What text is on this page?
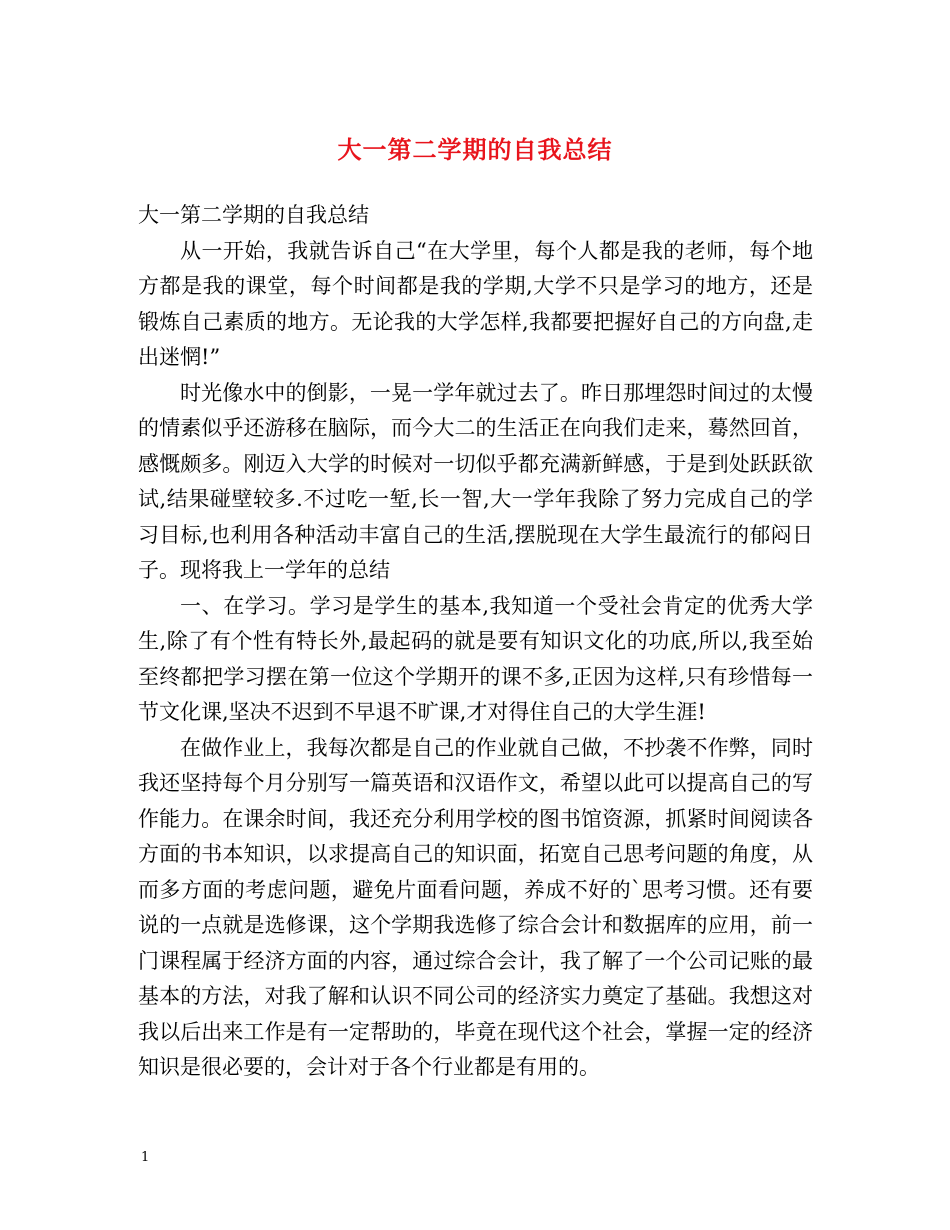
大一第二学期的自我总结

大一第二学期的自我总结

从一开始，我就告诉自己“在大学里，每个人都是我的老师，每个地方都是我的课堂，每个时间都是我的学期,大学不只是学习的地方，还是锻炼自己素质的地方。无论我的大学怎样,我都要把握好自己的方向盘,走出迷惘!”

时光像水中的倒影，一晃一学年就过去了。昨日那埋怨时间过的太慢的情素似乎还游移在脑际，而今大二的生活正在向我们走来，蓦然回首，感慨颇多。刚迈入大学的时候对一切似乎都充满新鲜感，于是到处跃跃欲试,结果碰壁较多.不过吃一堑,长一智,大一学年我除了努力完成自己的学习目标,也利用各种活动丰富自己的生活,摆脱现在大学生最流行的郁闷日子。现将我上一学年的总结

一、在学习。学习是学生的基本,我知道一个受社会肯定的优秀大学生,除了有个性有特长外,最起码的就是要有知识文化的功底,所以,我至始至终都把学习摆在第一位这个学期开的课不多,正因为这样,只有珍惜每一节文化课,坚决不迟到不早退不旷课,才对得住自己的大学生涯!

在做作业上，我每次都是自己的作业就自己做，不抄袭不作弊，同时我还坚持每个月分别写一篇英语和汉语作文，希望以此可以提高自己的写作能力。在课余时间，我还充分利用学校的图书馆资源，抓紧时间阅读各方面的书本知识，以求提高自己的知识面，拓宽自己思考问题的角度，从而多方面的考虑问题，避免片面看问题，养成不好的`思考习惯。还有要说的一点就是选修课，这个学期我选修了综合会计和数据库的应用，前一门课程属于经济方面的内容，通过综合会计，我了解了一个公司记账的最基本的方法，对我了解和认识不同公司的经济实力奠定了基础。我想这对我以后出来工作是有一定帮助的，毕竟在现代这个社会，掌握一定的经济知识是很必要的，会计对于各个行业都是有用的。

1
